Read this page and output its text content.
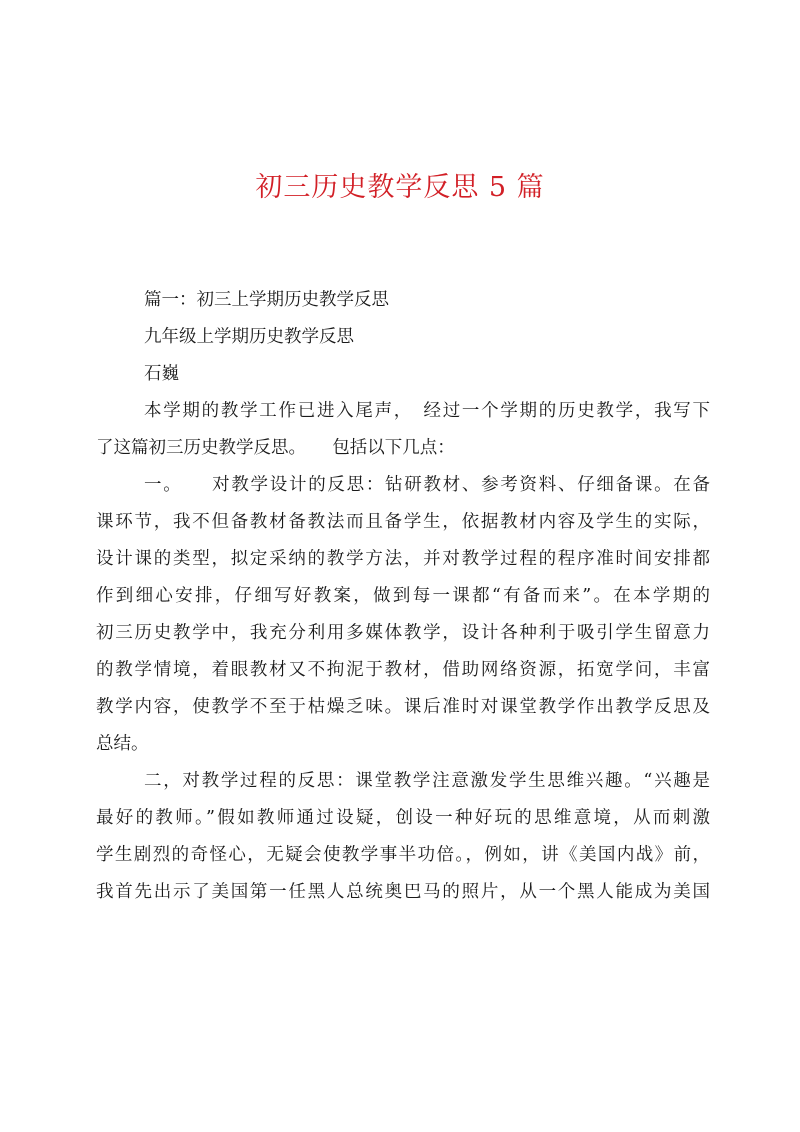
初三历史教学反思 5 篇

篇一：初三上学期历史教学反思

九年级上学期历史教学反思

石巍

本学期的教学工作已进入尾声，　经过一个学期的历史教学，我写下

了这篇初三历史教学反思。　　包括以下几点：

一。　　对教学设计的反思：钻研教材、参考资料、仔细备课。在备

课环节，我不但备教材备教法而且备学生，依据教材内容及学生的实际，

设计课的类型，拟定采纳的教学方法，并对教学过程的程序准时间安排都

作到细心安排，仔细写好教案，做到每一课都“有备而来”。在本学期的

初三历史教学中，我充分利用多媒体教学，设计各种利于吸引学生留意力

的教学情境，着眼教材又不拘泥于教材，借助网络资源，拓宽学问，丰富

教学内容，使教学不至于枯燥乏味。课后准时对课堂教学作出教学反思及

总结。

二，对教学过程的反思：课堂教学注意激发学生思维兴趣。“兴趣是

最好的教师。”假如教师通过设疑，创设一种好玩的思维意境，从而刺激

学生剧烈的奇怪心，无疑会使教学事半功倍。，例如，讲《美国内战》前，

我首先出示了美国第一任黑人总统奥巴马的照片，从一个黑人能成为美国
